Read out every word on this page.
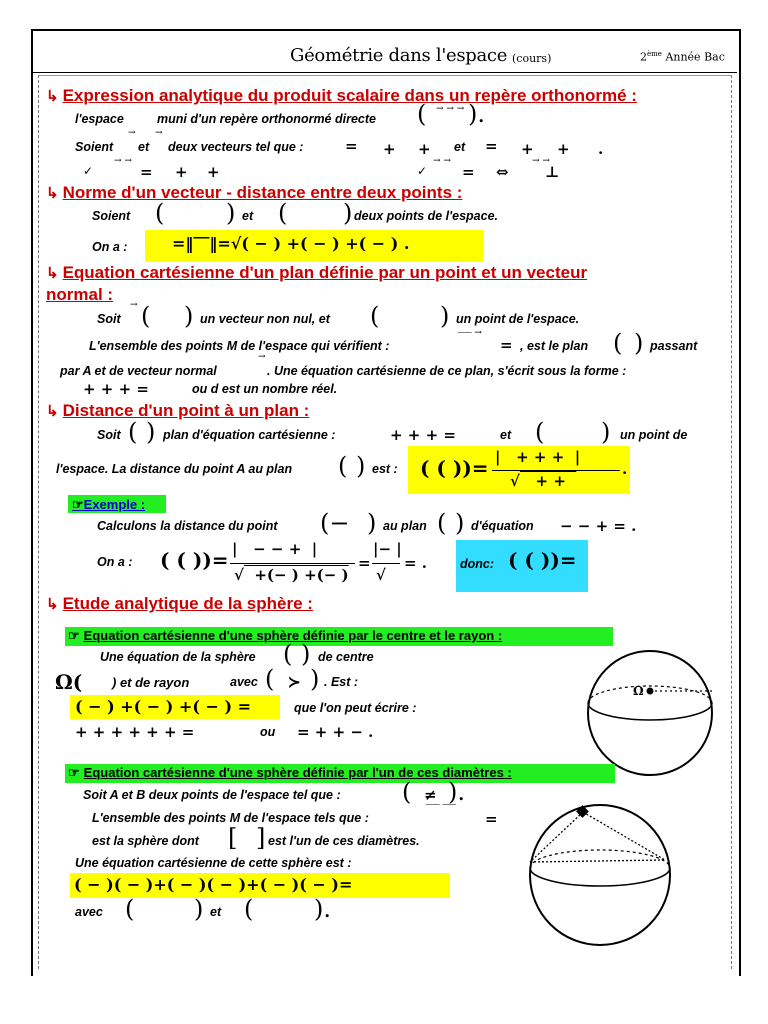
Géométrie dans l'espace (cours)	2ème Année Bac
↳ Expression analytique du produit scalaire dans un repère orthonormé :
l'espace	muni d'un repère orthonormé directe ( → → → ).
Soient
→
et
→
deux vecteurs tel que :	= + + et = + + .
✓
→ →
= + +	✓
→ →
= ⇔
→ →
⊥
↳ Norme d'un vecteur - distance entre deux points :
Soient (	) et ( ) deux points de l'espace.
On a :	=‖‾‾‖=√( − ) +( − ) +( − ) .
↳ Equation cartésienne d'un plan définie par un point et un vecteur
normal :
Soit
→ ( ) un vecteur non nul, et (	) un point de l'espace.
L'ensemble des points M de l'espace qui vérifient :
⎯⎯⎯ →
= , est le plan ( ) passant
par A et de vecteur normal
→
. Une équation cartésienne de ce plan, s'écrit sous la forme :
+ + + =	ou d est un nombre réel.
↳ Distance d'un point à un plan :
Soit ( ) plan d'équation cartésienne :	+ + + =	et ( ) un point de
l'espace. La distance du point A au plan ( ) est : ( ( ))= |   + + +  |
√ + +
.
☞Exemple :
Calculons la distance du point (− ) au plan ( ) d'équation − − + = .
On a : ( ( ))= |   − − +  |
√ +(− ) +(− )
=
|− |
√
= .	donc: ( ( ))=
↳ Etude analytique de la sphère :
☞ Equation cartésienne d'une sphère définie par le centre et le rayon :
Une équation de la sphère ( ) de centre
Ω( ) et de rayon	avec ( ≻ ) . Est :
( − ) +( − ) +( − ) =	que l'on peut écrire :
+ + + + + + =	ou = + + − .
Ω
☞ Equation cartésienne d'une sphère définie par l'un de ces diamètres :
Soit A et B deux points de l'espace tel que :	( ≠ ).
L'ensemble des points M de l'espace tels que :
⎯⎯⎯ ⎯⎯⎯
=
est la sphère dont [ ] est l'un de ces diamètres.
Une équation cartésienne de cette sphère est :
( − )( − )+( − )( − )+( − )( − )=
avec ( ) et (	).
